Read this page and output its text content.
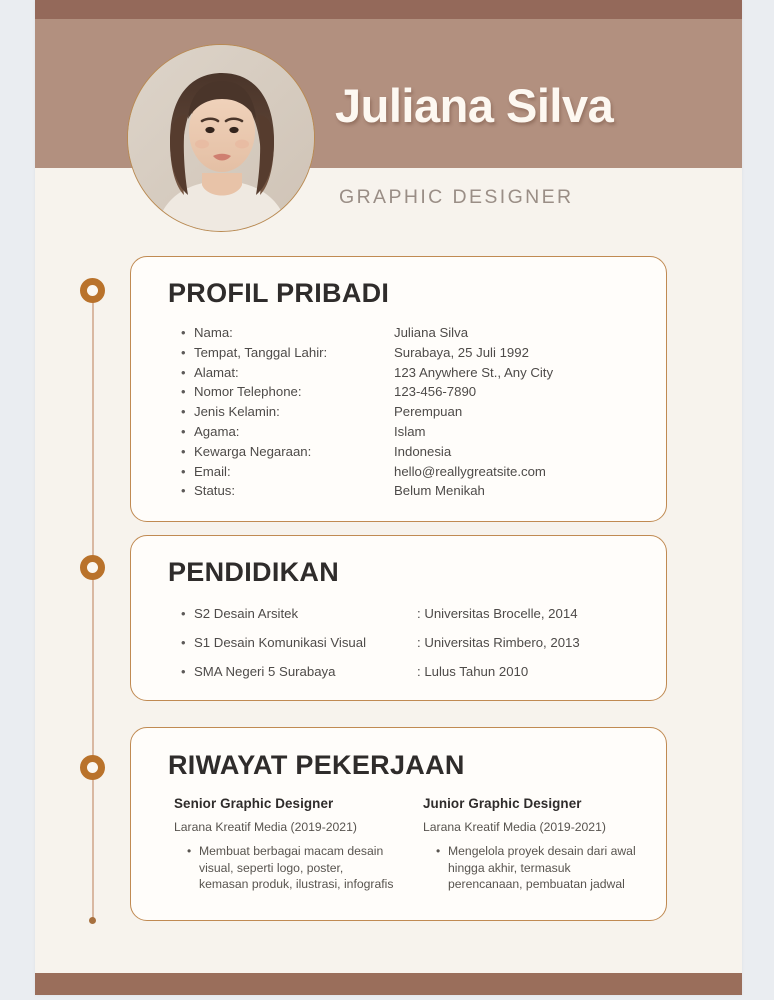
Juliana Silva
GRAPHIC DESIGNER
PROFIL PRIBADI
• Nama:	Juliana Silva
• Tempat, Tanggal Lahir:	Surabaya, 25 Juli 1992
• Alamat:	123 Anywhere St., Any City
• Nomor Telephone:	123-456-7890
• Jenis Kelamin:	Perempuan
• Agama:	Islam
• Kewarga Negaraan:	Indonesia
• Email:	hello@reallygreatsite.com
• Status:	Belum Menikah
PENDIDIKAN
• S2 Desain Arsitek	: Universitas Brocelle, 2014
• S1 Desain Komunikasi Visual	: Universitas Rimbero, 2013
• SMA Negeri 5 Surabaya	: Lulus Tahun 2010
RIWAYAT PEKERJAAN
Senior Graphic Designer
Larana Kreatif Media (2019-2021)
• Membuat berbagai macam desain visual, seperti logo, poster, kemasan produk, ilustrasi, infografis
Junior Graphic Designer
Larana Kreatif Media (2019-2021)
• Mengelola proyek desain dari awal hingga akhir, termasuk perencanaan, pembuatan jadwal
